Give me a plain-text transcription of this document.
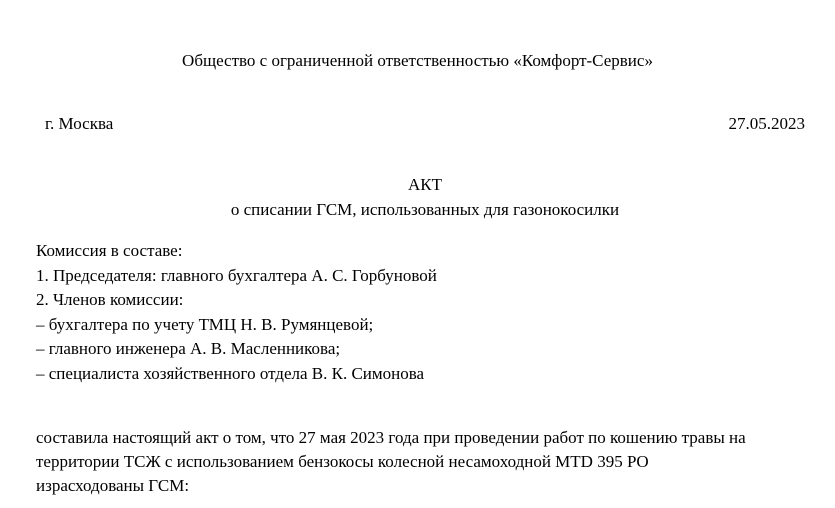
Общество с ограниченной ответственностью «Комфорт-Сервис»
г. Москва	27.05.2023
АКТ
о списании ГСМ, использованных для газонокосилки
Комиссия в составе:
1. Председателя: главного бухгалтера А. С. Горбуновой
2. Членов комиссии:
– бухгалтера по учету ТМЦ Н. В. Румянцевой;
– главного инженера А. В. Масленникова;
– специалиста хозяйственного отдела В. К. Симонова
составила настоящий акт о том, что 27 мая 2023 года при проведении работ по кошению травы на
территории ТСЖ с использованием бензокосы колесной несамоходной MTD 395 PO
израсходованы ГСМ:
